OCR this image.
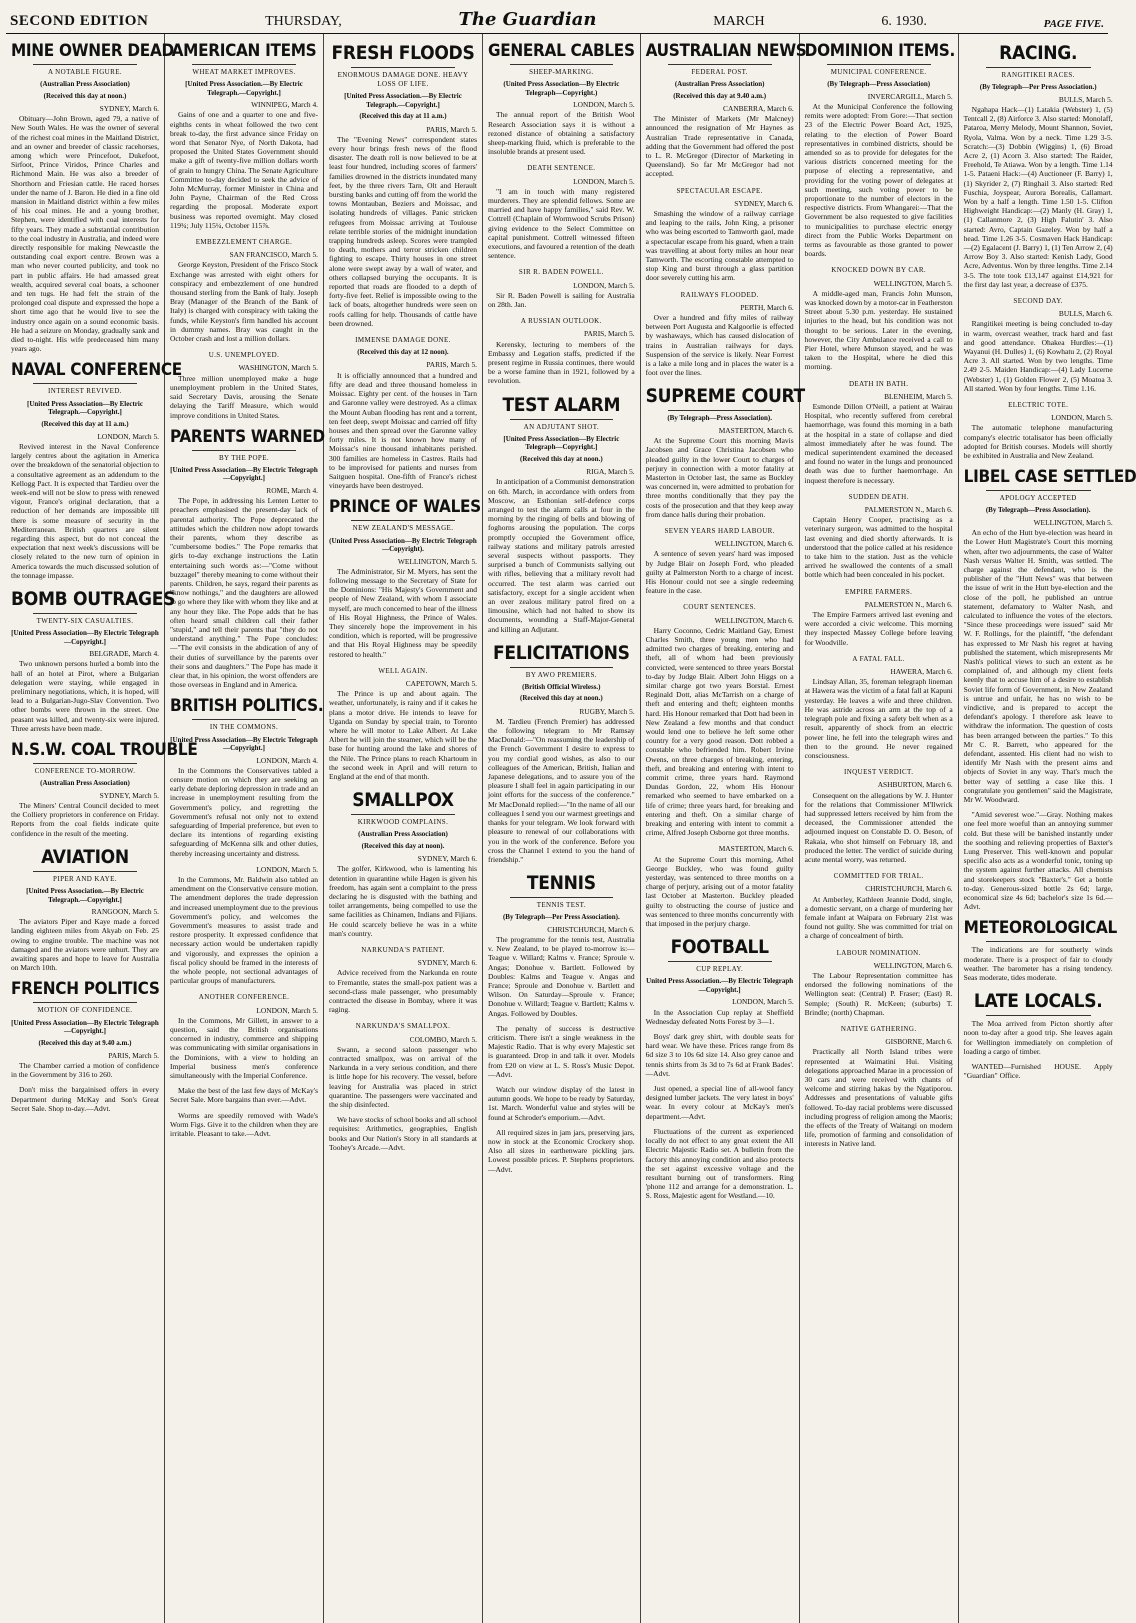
SECOND EDITION	THURSDAY,	The Guardian	MARCH	6. 1930.	PAGE FIVE.
MINE OWNER DEAD
A NOTABLE FIGURE.
(Australian Press Association)
(Received this day at noon.)
SYDNEY, March 6.
Obituary—John Brown, aged 79, a native of New South Wales. He was the owner of several of the richest coal mines in the Maitland District, and an owner and breeder of classic racehorses, among which were Princefoot, Dukefoot, Sirfoot, Prince Viridos, Prince Charles and Richmond Main. He was also a breeder of Shorthorn and Friesian cattle. He raced horses under the name of J. Baron. He died in a fine old mansion in Maitland district within a few miles of his coal mines. He and a young brother, Stephen, were identified with coal interests for fifty years. They made a substantial contribution to the coal industry in Australia, and indeed were directly responsible for making Newcastle the outstanding coal export centre. Brown was a man who never courted publicity, and took no part in public affairs. He had amassed great wealth, acquired several coal boats, a schooner and ten tugs. He had felt the strain of the prolonged coal dispute and expressed the hope a short time ago that he would live to see the industry once again on a sound economic basis. He had a seizure on Monday, gradually sank and died to-night. His wife predeceased him many years ago.
NAVAL CONFERENCE
INTEREST REVIVED.
[United Press Association—By Electric Telegraph.—Copyright.]
(Received this day at 11 a.m.)
LONDON, March 5.
Revived interest in the Naval Conference largely centres about the agitation in America over the breakdown of the senatorial objection to a consultative agreement as an addendum to the Kellogg Pact. It is expected that Tardieu over the week-end will not be slow to press with renewed vigour, France's original declaration, that a reduction of her demands are impossible till there is some measure of security in the Mediterranean. British quarters are silent regarding this aspect, but do not conceal the expectation that next week's discussions will be closely related to the new turn of opinion in America towards the much discussed solution of the tonnage impasse.
BOMB OUTRAGES
TWENTY-SIX CASUALTIES.
[United Press Association—By Electric Telegraph—Copyright.]
BELGRADE, March 4.
Two unknown persons hurled a bomb into the hall of an hotel at Pirot, where a Bulgarian delegation were staying, while engaged in preliminary negotiations, which, it is hoped, will lead to a Bulgarian-Jugo-Slav Convention. Two other bombs were thrown in the street. One peasant was killed, and twenty-six were injured. Three arrests have been made.
N.S.W. COAL TROUBLE
CONFERENCE TO-MORROW.
(Australian Press Association)
SYDNEY, March 5.
The Miners' Central Council decided to meet the Colliery proprietors in conference on Friday. Reports from the coal fields indicate quite confidence in the result of the meeting.
AVIATION
PIPER AND KAYE.
[United Press Association.—By Electric Telegraph.—Copyright.]
RANGOON, March 5.
The aviators Piper and Kaye made a forced landing eighteen miles from Akyab on Feb. 25 owing to engine trouble. The machine was not damaged and the aviators were unhurt. They are awaiting spares and hope to leave for Australia on March 10th.
FRENCH POLITICS
MOTION OF CONFIDENCE.
[United Press Association—By Electric Telegraph—Copyright.]
(Received this day at 9.40 a.m.)
PARIS, March 5.
The Chamber carried a motion of confidence in the Government by 316 to 260.
Don't miss the bargainised offers in every Department during McKay and Son's Great Secret Sale. Shop to-day.—Advt.
AMERICAN ITEMS
WHEAT MARKET IMPROVES.
[United Press Association.—By Electric Telegraph.—Copyright.]
WINNIPEG, March 4.
Gains of one and a quarter to one and five-eighths cents in wheat followed the two cent break to-day, the first advance since Friday on word that Senator Nye, of North Dakota, had proposed the United States Government should make a gift of twenty-five million dollars worth of grain to hungry China. The Senate Agriculture Committee to-day decided to seek the advice of John McMurray, former Minister in China and John Payne, Chairman of the Red Cross regarding the proposal. Moderate export business was reported overnight. May closed 119¾; July 115¼, October 115⅞.
EMBEZZLEMENT CHARGE.
SAN FRANCISCO, March 5.
George Keyston, President of the Frisco Stock Exchange was arrested with eight others for conspiracy and embezzlement of one hundred thousand sterling from the Bank of Italy. Joseph Bray (Manager of the Branch of the Bank of Italy) is charged with conspiracy with taking the funds, while Keyston's firm handled his account in dummy names. Bray was caught in the October crash and lost a million dollars.
U.S. UNEMPLOYED.
WASHINGTON, March 5.
Three million unemployed make a huge unemployment problem in the United States, said Secretary Davis, arousing the Senate delaying the Tariff Measure, which would improve conditions in United States.
PARENTS WARNED
BY THE POPE.
[United Press Association—By Electric Telegraph—Copyright.]
ROME, March 4.
The Pope, in addressing his Lenten Letter to preachers emphasised the present-day lack of parental authority. The Pope deprecated the attitudes which the children now adopt towards their parents, whom they describe as "cumbersome bodies." The Pope remarks that girls to-day exchange instructions the Latin entertaining such words as:—"Come without buzzagel" thereby meaning to come without their parents. Children, he says, regard their parents as "know nothings," and the daughters are allowed to go where they like with whom they like and at any hour they like. The Pope adds that he has often heard small children call their father "stupid," and tell their parents that "they do not understand anything." The Pope concludes:—"The evil consists in the abdication of any of their duties of surveillance by the parents over their sons and daughters." The Pope has made it clear that, in his opinion, the worst offenders are those overseas in England and in America.
BRITISH POLITICS.
IN THE COMMONS.
[United Press Association—By Electric Telegraph—Copyright.]
LONDON, March 4.
In the Commons the Conservatives tabled a censure motion on which they are seeking an early debate deploring depression in trade and an increase in unemployment resulting from the Government's policy, and regretting the Government's refusal not only not to extend safeguarding of Imperial preference, but even to declare its intentions of regarding existing safeguarding of McKenna silk and other duties, thereby increasing uncertainty and distress.
LONDON, March 5.
In the Commons, Mr. Baldwin also tabled an amendment on the Conservative censure motion. The amendment deplores the trade depression and increased unemployment due to the previous Government's policy, and welcomes the Government's measures to assist trade and restore prosperity. It expressed confidence that necessary action would be undertaken rapidly and vigorously, and expresses the opinion a fiscal policy should be framed in the interests of the whole people, not sectional advantages of particular groups of manufacturers.
ANOTHER CONFERENCE.
LONDON, March 5.
In the Commons, Mr Gillett, in answer to a question, said the British organisations concerned in industry, commerce and shipping was communicating with similar organisations in the Dominions, with a view to holding an Imperial business men's conference simultaneously with the Imperial Conference.
Make the best of the last few days of McKay's Secret Sale. More bargains than ever.—Advt.
Worms are speedily removed with Wade's Worm Figs. Give it to the children when they are irritable. Pleasant to take.—Advt.
FRESH FLOODS
ENORMOUS DAMAGE DONE. HEAVY LOSS OF LIFE.
[United Press Association.—By Electric Telegraph.—Copyright.]
(Received this day at 11 a.m.)
PARIS, March 5.
The "Evening News" correspondent states every hour brings fresh news of the flood disaster. The death roll is now believed to be at least four hundred, including scores of farmers' families drowned in the districts inundated many feet, by the three rivers Tarn, Olt and Herault bursting banks and cutting off from the world the towns Montauban, Beziers and Moissac, and isolating hundreds of villages. Panic stricken refugees from Moissac arriving at Toulouse relate terrible stories of the midnight inundation trapping hundreds asleep. Scores were trampled to death, mothers and terror stricken children fighting to escape. Thirty houses in one street alone were swept away by a wall of water, and others collapsed burying the occupants. It is reported that roads are flooded to a depth of forty-five feet. Relief is impossible owing to the lack of boats, altogether hundreds were seen on roofs calling for help. Thousands of cattle have been drowned.
IMMENSE DAMAGE DONE.
(Received this day at 12 noon).
PARIS, March 5.
It is officially announced that a hundred and fifty are dead and three thousand homeless in Moissac. Eighty per cent. of the houses in Tarn and Garonne valley were destroyed. As a climax the Mount Auban flooding has rent and a torrent, ten feet deep, swept Moissac and carried off fifty houses and then spread over the Garonne valley forty miles. It is not known how many of Moissac's nine thousand inhabitants perished. 300 families are homeless in Castres. Rails had to be improvised for patients and nurses from Saitguen hospital. One-fifth of France's richest vineyards have been destroyed.
PRINCE OF WALES
NEW ZEALAND'S MESSAGE.
(United Press Association—By Electric Telegraph—Copyright).
WELLINGTON, March 5.
The Administrator, Sir M. Myers, has sent the following message to the Secretary of State for the Dominions: "His Majesty's Government and people of New Zealand, with whom I associate myself, are much concerned to hear of the illness of His Royal Highness, the Prince of Wales. They sincerely hope the improvement in his condition, which is reported, will be progressive and that His Royal Highness may be speedily restored to health."
WELL AGAIN.
CAPETOWN, March 5.
The Prince is up and about again. The weather, unfortunately, is rainy and if it cakes he plans a motor drive. He intends to leave for Uganda on Sunday by special train, to Toronto where he will motor to Lake Albert. At Lake Albert he will join the steamer, which will be the base for hunting around the lake and shores of the Nile. The Prince plans to reach Khartoum in the second week in April and will return to England at the end of that month.
SMALLPOX
KIRKWOOD COMPLAINS.
(Australian Press Association)
(Received this day at noon).
SYDNEY, March 6.
The golfer, Kirkwood, who is lamenting his detention in quarantine while Hagen is given his freedom, has again sent a complaint to the press declaring he is disgusted with the bathing and toilet arrangements, being compelled to use the same facilities as Chinamen, Indians and Fijians. He could scarcely believe he was in a white man's country.
NARKUNDA'S PATIENT.
SYDNEY, March 6.
Advice received from the Narkunda en route to Fremantle, states the small-pox patient was a second-class male passenger, who presumably contracted the disease in Bombay, where it was raging.
NARKUNDA'S SMALLPOX.
COLOMBO, March 5.
Swann, a second saloon passenger who contracted smallpox, was on arrival of the Narkunda in a very serious condition, and there is little hope for his recovery. The vessel, before leaving for Australia was placed in strict quarantine. The passengers were vaccinated and the ship disinfected.
We have stocks of school books and all school requisites: Arithmetics, geographies, English books and Our Nation's Story in all standards at Toohey's Arcade.—Advt.
GENERAL CABLES
SHEEP-MARKING.
(United Press Association—By Electric Telegraph—Copyright.)
LONDON, March 5.
The annual report of the British Wool Research Association says it is without a rezoned distance of obtaining a satisfactory sheep-marking fluid, which is preferable to the insoluble brands at present used.
DEATH SENTENCE.
LONDON, March 5.
"I am in touch with many registered murderers. They are splendid fellows. Some are married and have happy families," said Rev. W. Cottrell (Chaplain of Wormwood Scrubs Prison) giving evidence to the Select Committee on capital punishment. Cottrell witnessed fifteen executions, and favoured a retention of the death sentence.
SIR R. BADEN POWELL.
LONDON, March 5.
Sir R. Baden Powell is sailing for Australia on 28th. Jan.
A RUSSIAN OUTLOOK.
PARIS, March 5.
Kerensky, lecturing to members of the Embassy and Legation staffs, predicted if the present regime in Russia continues, there would be a worse famine than in 1921, followed by a revolution.
TEST ALARM
AN ADJUTANT SHOT.
[United Press Association—By Electric Telegraph—Copyright.]
(Received this day at noon.)
RIGA, March 5.
In anticipation of a Communist demonstration on 6th. March, in accordance with orders from Moscow, an Esthonian self-defence corps arranged to test the alarm calls at four in the morning by the ringing of bells and blowing of foghorns arousing the population. The corps promptly occupied the Government office, railway stations and military patrols arrested several suspects without passports. They surprised a bunch of Communists sallying out with rifles, believing that a military revolt had occurred. The test alarm was carried out satisfactory, except for a single accident when an over zealous military patrol fired on a limousine, which had not halted to show its documents, wounding a Staff-Major-General and killing an Adjutant.
FELICITATIONS
BY AWO PREMIERS.
(British Official Wireless.)
(Received this day at noon.)
RUGBY, March 5.
M. Tardieu (French Premier) has addressed the following telegram to Mr Ramsay MacDonald:—"On reassuming the leadership of the French Government I desire to express to you my cordial good wishes, as also to our colleagues of the American, British, Italian and Japanese delegations, and to assure you of the pleasure I shall feel in again participating in our joint efforts for the success of the conference." Mr MacDonald replied:—"In the name of all our colleagues I send you our warmest greetings and thanks for your telegram. We look forward with pleasure to renewal of our collaborations with you in the work of the conference. Before you cross the Channel I extend to you the hand of friendship."
TENNIS
TENNIS TEST.
(By Telegraph—Per Press Association).
CHRISTCHURCH, March 6.
The programme for the tennis test, Australia v. New Zealand, to be played to-morrow is:—Teague v. Willard; Kalms v. France; Sproule v. Angas; Donohue v. Bartlett. Followed by Doubles: Kalms and Teague v. Angas and France; Sproule and Donohue v. Bartlett and Wilson. On Saturday—Sproule v. France; Donohue v. Willard; Teague v. Bartlett; Kalms v. Angas. Followed by Doubles.
The penalty of success is destructive criticism. There isn't a single weakness in the Majestic Radio. That is why every Majestic set is guaranteed. Drop in and talk it over. Models from £20 on view at L. S. Ross's Music Depot.—Advt.
Watch our window display of the latest in autumn goods. We hope to be ready by Saturday, 1st. March. Wonderful value and styles will be found at Schroder's emporium.—Advt.
All required sizes in jam jars, preserving jars, now in stock at the Economic Crockery shop. Also all sizes in earthenware pickling jars. Lowest possible prices. P. Stephens proprietors.—Advt.
AUSTRALIAN NEWS
FEDERAL POST.
(Australian Press Association)
(Received this day at 9.40 a.m.)
CANBERRA, March 6.
The Minister of Markets (Mr Malcney) announced the resignation of Mr Haynes as Australian Trade representative in Canada, adding that the Government had offered the post to L. R. McGregor (Director of Marketing in Queensland). So far Mr McGregor had not accepted.
SPECTACULAR ESCAPE.
SYDNEY, March 6.
Smashing the window of a railway carriage and leaping to the rails, John King, a prisoner who was being escorted to Tamworth gaol, made a spectacular escape from his guard, when a train was travelling at about forty miles an hour near Tamworth. The escorting constable attempted to stop King and burst through a glass partition door severely cutting his arm.
RAILWAYS FLOODED.
PERTH, March 6.
Over a hundred and fifty miles of railway between Port Augusta and Kalgoorlie is effected by washaways, which has caused dislocation of trains in Australian railways for days. Suspension of the service is likely. Near Forrest is a lake a mile long and in places the water is a foot over the lines.
SUPREME COURT
(By Telegraph—Press Association).
MASTERTON, March 6.
At the Supreme Court this morning Mavis Jacobsen and Grace Christina Jacobsen who pleaded guilty in the lower Court to charges of perjury in connection with a motor fatality at Masterton in October last, the same as Buckley was concerned in, were admitted to probation for three months conditionally that they pay the costs of the prosecution and that they keep away from dance halls during their probation.
SEVEN YEARS HARD LABOUR.
WELLINGTON, March 6.
A sentence of seven years' hard was imposed by Judge Blair on Joseph Ford, who pleaded guilty at Palmerston North to a charge of incest. His Honour could not see a single redeeming feature in the case.
COURT SENTENCES.
WELLINGTON, March 6.
Harry Coconno, Cedric Maitland Gay, Ernest Charles Smith, three young men who had admitted two charges of breaking, entering and theft, all of whom had been previously convicted, were sentenced to three years Borstal to-day by Judge Blair. Albert John Higgs on a similar charge got two years Borstal. Ernest Reginald Dott, alias McTarrish on a charge of theft and entering and theft; eighteen months hard. His Honour remarked that Dott had been in New Zealand a few months and that conduct would lend one to believe he left some other country for a very good reason. Dott robbed a constable who befriended him. Robert Irvine Owens, on three charges of breaking, entering, theft, and breaking and entering with intent to commit crime, three years hard. Raymond Dundas Gordon, 22, whom His Honour remarked who seemed to have embarked on a life of crime; three years hard, for breaking and entering and theft. On a similar charge of breaking and entering with intent to commit a crime, Alfred Joseph Osborne got three months.
MASTERTON, March 6.
At the Supreme Court this morning, Athol George Buckley, who was found guilty yesterday, was sentenced to three months on a charge of perjury, arising out of a motor fatality last October at Masterton. Buckley pleaded guilty to obstructing the course of justice and was sentenced to three months concurrently with that imposed in the perjury charge.
FOOTBALL
CUP REPLAY.
United Press Association.—By Electric Telegraph—Copyright.]
LONDON, March 5.
In the Association Cup replay at Sheffield Wednesday defeated Notts Forest by 3—1.
Boys' dark grey shirt, with double seats for hard wear. We have these. Prices range from 8s 6d size 3 to 10s 6d size 14. Also grey canoe and tennis shirts from 3s 3d to 7s 6d at Frank Bades'.—Advt.
Just opened, a special line of all-wool fancy designed lumber jackets. The very latest in boys' wear. In every colour at McKay's men's department.—Advt.
Fluctuations of the current as experienced locally do not effect to any great extent the All Electric Majestic Radio set. A bulletin from the factory this annoying condition and also protects the set against excessive voltage and the resultant burning out of transformers. Ring 'phone 112 and arrange for a demonstration. L. S. Ross, Majestic agent for Westland.—10.
DOMINION ITEMS.
MUNICIPAL CONFERENCE.
(By Telegraph—Press Association)
INVERCARGILL, March 5.
At the Municipal Conference the following remits were adopted: From Gore:—That section 23 of the Electric Power Board Act, 1925, relating to the election of Power Board representatives in combined districts, should be amended so as to provide for delegates for the various districts concerned meeting for the purpose of electing a representative, and providing for the voting power of delegates at such meeting, such voting power to be proportionate to the number of electors in the respective districts. From Whangarei:—That the Government be also requested to give facilities to municipalities to purchase electric energy direct from the Public Works Department on terms as favourable as those granted to power boards.
KNOCKED DOWN BY CAR.
WELLINGTON, March 5.
A middle-aged man, Francis John Munson, was knocked down by a motor-car in Featherston Street about 5.30 p.m. yesterday. He sustained injuries to the head, but his condition was not thought to be serious. Later in the evening, however, the City Ambulance received a call to Pier Hotel, where Munson stayed, and he was taken to the Hospital, where he died this morning.
DEATH IN BATH.
BLENHEIM, March 5.
Esmonde Dillon O'Neill, a patient at Wairau Hospital, who recently suffered from cerebral haemorrhage, was found this morning in a bath at the hospital in a state of collapse and died almost immediately after he was found. The medical superintendent examined the deceased and found no water in the lungs and pronounced death was due to further haemorrhage. An inquest therefore is necessary.
SUDDEN DEATH.
PALMERSTON N., March 6.
Captain Henry Cooper, practising as a veterinary surgeon, was admitted to the hospital last evening and died shortly afterwards. It is understood that the police called at his residence to take him to the station. Just as the vehicle arrived he swallowed the contents of a small bottle which had been concealed in his pocket.
EMPIRE FARMERS.
PALMERSTON N., March 6.
The Empire Farmers arrived last evening and were accorded a civic welcome. This morning they inspected Massey College before leaving for Woodville.
A FATAL FALL.
HAWERA, March 6.
Lindsay Allan, 35, foreman telegraph lineman at Hawera was the victim of a fatal fall at Kapuni yesterday. He leaves a wife and three children. He was astride across an arm at the top of a telegraph pole and fixing a safety belt when as a result, apparently of shock from an electric power line, he fell into the telegraph wires and then to the ground. He never regained consciousness.
INQUEST VERDICT.
ASHBURTON, March 6.
Consequent on the allegations by W. J. Hunter for the relations that Commissioner M'Ilwrick had suppressed letters received by him from the deceased, the Commissioner attended the adjourned inquest on Constable D. O. Beson, of Rakaia, who shot himself on February 18, and produced the letter. The verdict of suicide during acute mental worry, was returned.
COMMITTED FOR TRIAL.
CHRISTCHURCH, March 6.
At Amberley, Kathleen Jeannie Dodd, single, a domestic servant, on a charge of murdering her female infant at Waipara on February 21st was found not guilty. She was committed for trial on a charge of concealment of birth.
LABOUR NOMINATION.
WELLINGTON, March 6.
The Labour Representation committee has endorsed the following nominations of the Wellington seat: (Central) P. Fraser; (East) R. Semple; (South) R. McKeen; (suburbs) T. Brindle; (north) Chapman.
NATIVE GATHERING.
GISBORNE, March 6.
Practically all North Island tribes were represented at Waimatini Hui. Visiting delegations approached Marae in a procession of 30 cars and were received with chants of welcome and stirring hakas by the Ngatiporou. Addresses and presentations of valuable gifts followed. To-day racial problems were discussed including progress of religion among the Maoris; the effects of the Treaty of Waitangi on modern life, promotion of farming and consolidation of interests in Native land.
RACING.
RANGITIKEI RACES.
(By Telegraph—Per Press Association.)
BULLS, March 5.
Ngahapa Hack—(1) Latakia (Webster) 1, (5) Tentcall 2, (8) Airforce 3. Also started: Monolaff, Pataroa, Merry Melody, Mount Shannon, Soviet, Ryola, Valma. Won by a neck. Time 1.29 3-5. Scratch:—(3) Dobbin (Wiggins) 1, (6) Broad Acre 2, (1) Acorn 3. Also started: The Raider, Freehold, Te Atiawa. Won by a length. Time 1.14 1-5. Pataeni Hack:—(4) Auctioneer (F. Barry) 1, (1) Skyrider 2, (7) Ringhail 3. Also started: Red Fuschia, Joyspear, Aurora Borealis, Callamart. Won by a half a length. Time 1.50 1-5. Clifton Highweight Handicap:—(2) Manly (H. Gray) 1, (1) Callanmore 2, (3) High Falutin' 3. Also started: Avro, Captain Gazeley. Won by half a head. Time 1.26 3-5. Cosmaven Hack Handicap:—(2) Egalacent (J. Barry) 1, (1) Ten Arrow 2, (4) Arrow Boy 3. Also started: Kenish Lady, Good Acre, Adventus. Won by three lengths. Time 2.14 3-5. The tote took £13,147 against £14,921 for the first day last year, a decrease of £375.
SECOND DAY.
BULLS, March 6.
Rangitikei meeting is being concluded to-day in warm, overcast weather, track hard and fast and good attendance. Ohakea Hurdles:—(1) Wayanui (H. Dulles) 1, (6) Kowhatu 2, (2) Royal Acre 3. All started. Won by two lengths. Time 2.49 2-5. Maiden Handicap:—(4) Lady Lucerne (Webster) 1, (1) Golden Flower 2, (5) Moatoa 3. All started. Won by four lengths. Time 1.16.
ELECTRIC TOTE.
LONDON, March 5.
The automatic telephone manufacturing company's electric totalisator has been officially adopted for British courses. Models will shortly be exhibited in Australia and New Zealand.
LIBEL CASE SETTLED
APOLOGY ACCEPTED
(By Telegraph—Press Association).
WELLINGTON, March 5.
An echo of the Hutt bye-election was heard in the Lower Hutt Magistrate's Court this morning when, after two adjournments, the case of Walter Nash versus Walter H. Smith, was settled. The charge against the defendant, who is the publisher of the "Hutt News" was that between the issue of writ in the Hutt bye-election and the close of the poll, he published an untrue statement, defamatory to Walter Nash, and calculated to influence the votes of the electors. "Since these proceedings were issued" said Mr W. F. Rollings, for the plaintiff, "the defendant has expressed to Mr Nash his regret at having published the statement, which misrepresents Mr Nash's political views to such an extent as he complained of, and although my client feels keenly that to accuse him of a desire to establish Soviet life form of Government, in New Zealand is untrue and unfair, he has no wish to be vindictive, and is prepared to accept the defendant's apology. I therefore ask leave to withdraw the information. The question of costs has been arranged between the parties." To this Mr C. R. Barrett, who appeared for the defendant, assented. His client had no wish to identify Mr Nash with the present aims and objects of Soviet in any way. That's much the better way of settling a case like this. I congratulate you gentlemen" said the Magistrate, Mr W. Woodward.
"Amid severest woe."—Gray. Nothing makes one feel more woeful than an annoying summer cold. But these will be banished instantly under the soothing and relieving properties of Baxter's Lung Preserver. This well-known and popular specific also acts as a wonderful tonic, toning up the system against further attacks. All chemists and storekeepers stock "Baxter's." Get a bottle to-day. Generous-sized bottle 2s 6d; large, economical size 4s 6d; bachelor's size 1s 6d.—Advt.
METEOROLOGICAL
The indications are for southerly winds moderate. There is a prospect of fair to cloudy weather. The barometer has a rising tendency. Seas moderate, tides moderate.
LATE LOCALS.
The Moa arrived from Picton shortly after noon to-day after a good trip. She leaves again for Wellington immediately on completion of loading a cargo of timber.
WANTED—Furnished HOUSE. Apply "Guardian" Office.
